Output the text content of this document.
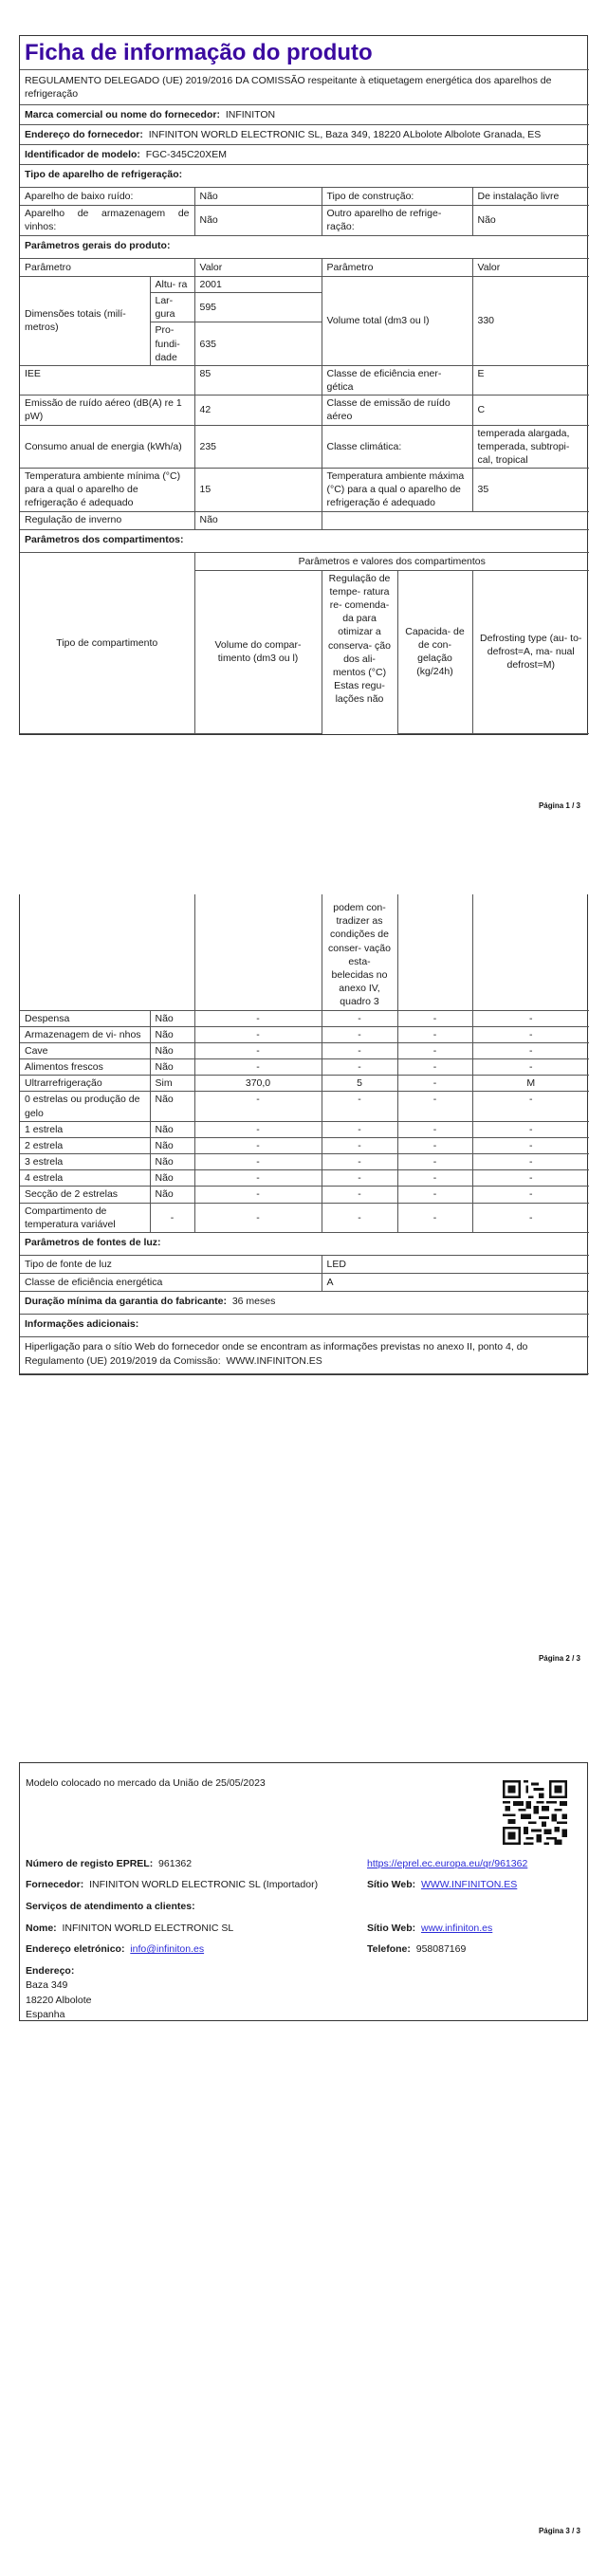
Ficha de informação do produto

REGULAMENTO DELEGADO (UE) 2019/2016 DA COMISSÃO respeitante à etiquetagem energética dos aparelhos de refrigeração					
Marca comercial ou nome do fornecedor: INFINITON					
Endereço do fornecedor: INFINITON WORLD ELECTRONIC SL, Baza 349, 18220 ALbolote Albolote Granada, ES					
Identificador de modelo: FGC-345C20XEM					
Tipo de aparelho de refrigeração:					
Aparelho de baixo ruído:		Não	Tipo de construção:		De instalação livre
Aparelho de armazenagem de vinhos:		Não	Outro aparelho de refrige- ração:		Não
Parâmetros gerais do produto:					
Parâmetro		Valor	Parâmetro		Valor
Dimensões totais (milí- metros)	Altu- ra	2001	Volume total (dm3 ou l)		330
	Lar- gura	595			
	Pro- fundi- dade	635			
IEE		85	Classe de eficiência ener- gética		E
Emissão de ruído aéreo (dB(A) re 1 pW)		42	Classe de emissão de ruído aéreo		C
Consumo anual de energia (kWh/a)		235	Classe climática:		temperada alargada, temperada, subtropi- cal, tropical
Temperatura ambiente mínima (°C) para a qual o aparelho de refrigeração é adequado		15	Temperatura ambiente máxima (°C) para a qual o aparelho de refrigeração é adequado		35
Regulação de inverno		Não			
Parâmetros dos compartimentos:					
Tipo de compartimento		Parâmetros e valores dos compartimentos			
		Volume do compar- timento (dm3 ou l)	Regulação de tempe- ratura re- comenda- da para otimizar a conserva- ção dos ali- mentos (°C) Estas regu- lações não	Capacida- de de con- gelação (kg/24h)	Defrosting type (au- to-defrost=A, ma- nual defrost=M)
Página 1 / 3
			podem con- tradizer as condições de conser- vação esta- belecidas no anexo IV, quadro 3		
Despensa	Não	-	-	-	-
Armazenagem de vi- nhos	Não	-	-	-	-
Cave	Não	-	-	-	-
Alimentos frescos	Não	-	-	-	-
Ultrarrefrigeração	Sim	370,0	5	-	M
0 estrelas ou produção de gelo	Não	-	-	-	-
1 estrela	Não	-	-	-	-
2 estrela	Não	-	-	-	-
3 estrela	Não	-	-	-	-
4 estrela	Não	-	-	-	-
Secção de 2 estrelas	Não	-	-	-	-
Compartimento de temperatura variável	-	-	-	-	-
Parâmetros de fontes de luz:					
Tipo de fonte de luz			LED		
Classe de eficiência energética			A		
Duração mínima da garantia do fabricante: 36 meses					
Informações adicionais:					
Hiperligação para o sítio Web do fornecedor onde se encontram as informações previstas no anexo II, ponto 4, do Regulamento (UE) 2019/2019 da Comissão: WWW.INFINITON.ES					
Página 2 / 3
Modelo colocado no mercado da União de 25/05/2023
Número de registo EPREL: 961362	https://eprel.ec.europa.eu/qr/961362
Fornecedor: INFINITON WORLD ELECTRONIC SL (Importador)	Sítio Web: WWW.INFINITON.ES
Serviços de atendimento a clientes:
Nome: INFINITON WORLD ELECTRONIC SL	Sítio Web: www.infiniton.es
Endereço eletrónico: info@infiniton.es	Telefone: 958087169
Endereço:
Baza 349
18220 Albolote
Espanha
Página 3 / 3
